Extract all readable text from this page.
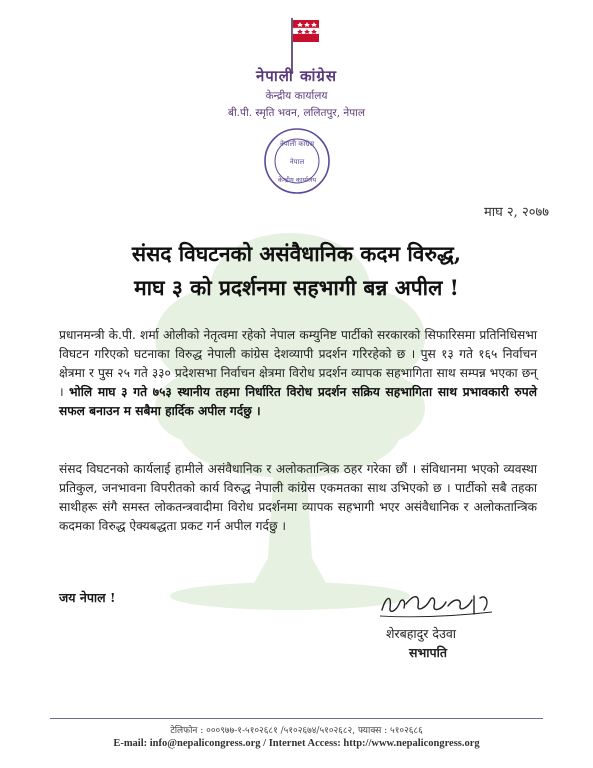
नेपाली कांग्रेस
केन्द्रीय कार्यालय
बी.पी. स्मृति भवन, ललितपुर, नेपाल
नेपाली कांग्रेस
नेपाल
केन्द्रीय कार्यालय
माघ २, २०७७
संसद विघटनको असंवैधानिक कदम विरुद्ध,
माघ ३ को प्रदर्शनमा सहभागी बन्न अपील !
प्रधानमन्त्री के.पी. शर्मा ओलीको नेतृत्वमा रहेको नेपाल कम्युनिष्ट पार्टीको सरकारको सिफारिसमा प्रतिनिधिसभा विघटन गरिएको घटनाका विरुद्ध नेपाली कांग्रेस देशव्यापी प्रदर्शन गरिरहेको छ । पुस १३ गते १६५ निर्वाचन क्षेत्रमा र पुस २५ गते ३३० प्रदेशसभा निर्वाचन क्षेत्रमा विरोध प्रदर्शन व्यापक सहभागिता साथ सम्पन्न भएका छन् । भोलि माघ ३ गते ७५३ स्थानीय तहमा निर्धारित विरोध प्रदर्शन सक्रिय सहभागिता साथ प्रभावकारी रुपले सफल बनाउन म सबैमा हार्दिक अपील गर्दछु ।
संसद विघटनको कार्यलाई हामीले असंवैधानिक र अलोकतान्त्रिक ठहर गरेका छौं । संविधानमा भएको व्यवस्था प्रतिकुल, जनभावना विपरीतको कार्य विरुद्ध नेपाली कांग्रेस एकमतका साथ उभिएको छ । पार्टीको सबै तहका साथीहरू संगै समस्त लोकतन्त्रवादीमा विरोध प्रदर्शनमा व्यापक सहभागी भएर असंवैधानिक र अलोकतान्त्रिक कदमका विरुद्ध ऐक्यबद्धता प्रकट गर्न अपील गर्दछु ।
जय नेपाल !
शेरबहादुर देउवा
सभापति
टेलिफोन : ०००९७७-१-५१०२६८१ /५१०२६७४/५१०२६८२, फ्याक्स : ५१०२६८६
E-mail: info@nepalicongress.org / Internet Access: http://www.nepalicongress.org
